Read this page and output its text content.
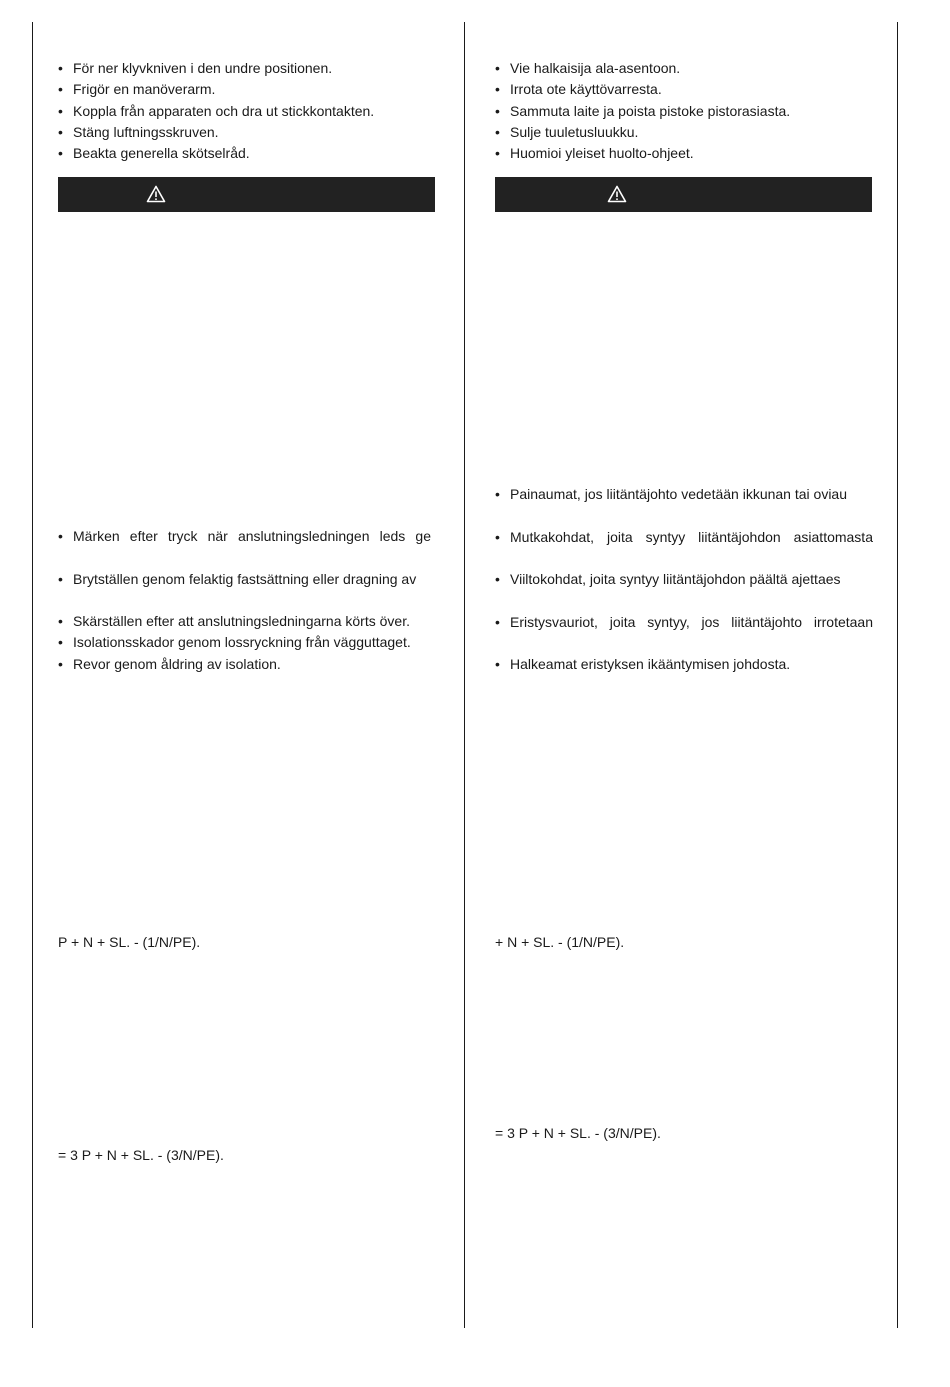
• För ner klyvkniven i den undre positionen.
• Frigör en manöverarm.
• Koppla från apparaten och dra ut stickkontakten.
• Stäng luftningsskruven.
• Beakta generella skötselråd.
• Märken efter tryck när anslutningsledningen leds ge
• Brytställen genom felaktig fastsättning eller dragning av
• Skärställen efter att anslutningsledningarna körts över.
• Isolationsskador genom lossryckning från vägguttaget.
• Revor genom åldring av isolation.
P + N + SL. - (1/N/PE).
= 3 P + N + SL. - (3/N/PE).
• Vie halkaisija ala-asentoon.
• Irrota ote käyttövarresta.
• Sammuta laite ja poista pistoke pistorasiasta.
• Sulje tuuletusluukku.
• Huomioi yleiset huolto-ohjeet.
• Painaumat, jos liitäntäjohto vedetään ikkunan tai oviau
• Mutkakohdat, joita syntyy liitäntäjohdon asiattomasta
• Viiltokohdat, joita syntyy liitäntäjohdon päältä ajettaes
• Eristysvauriot, joita syntyy, jos liitäntäjohto irrotetaan
• Halkeamat eristyksen ikääntymisen johdosta.
+ N + SL. - (1/N/PE).
= 3 P + N + SL. - (3/N/PE).
